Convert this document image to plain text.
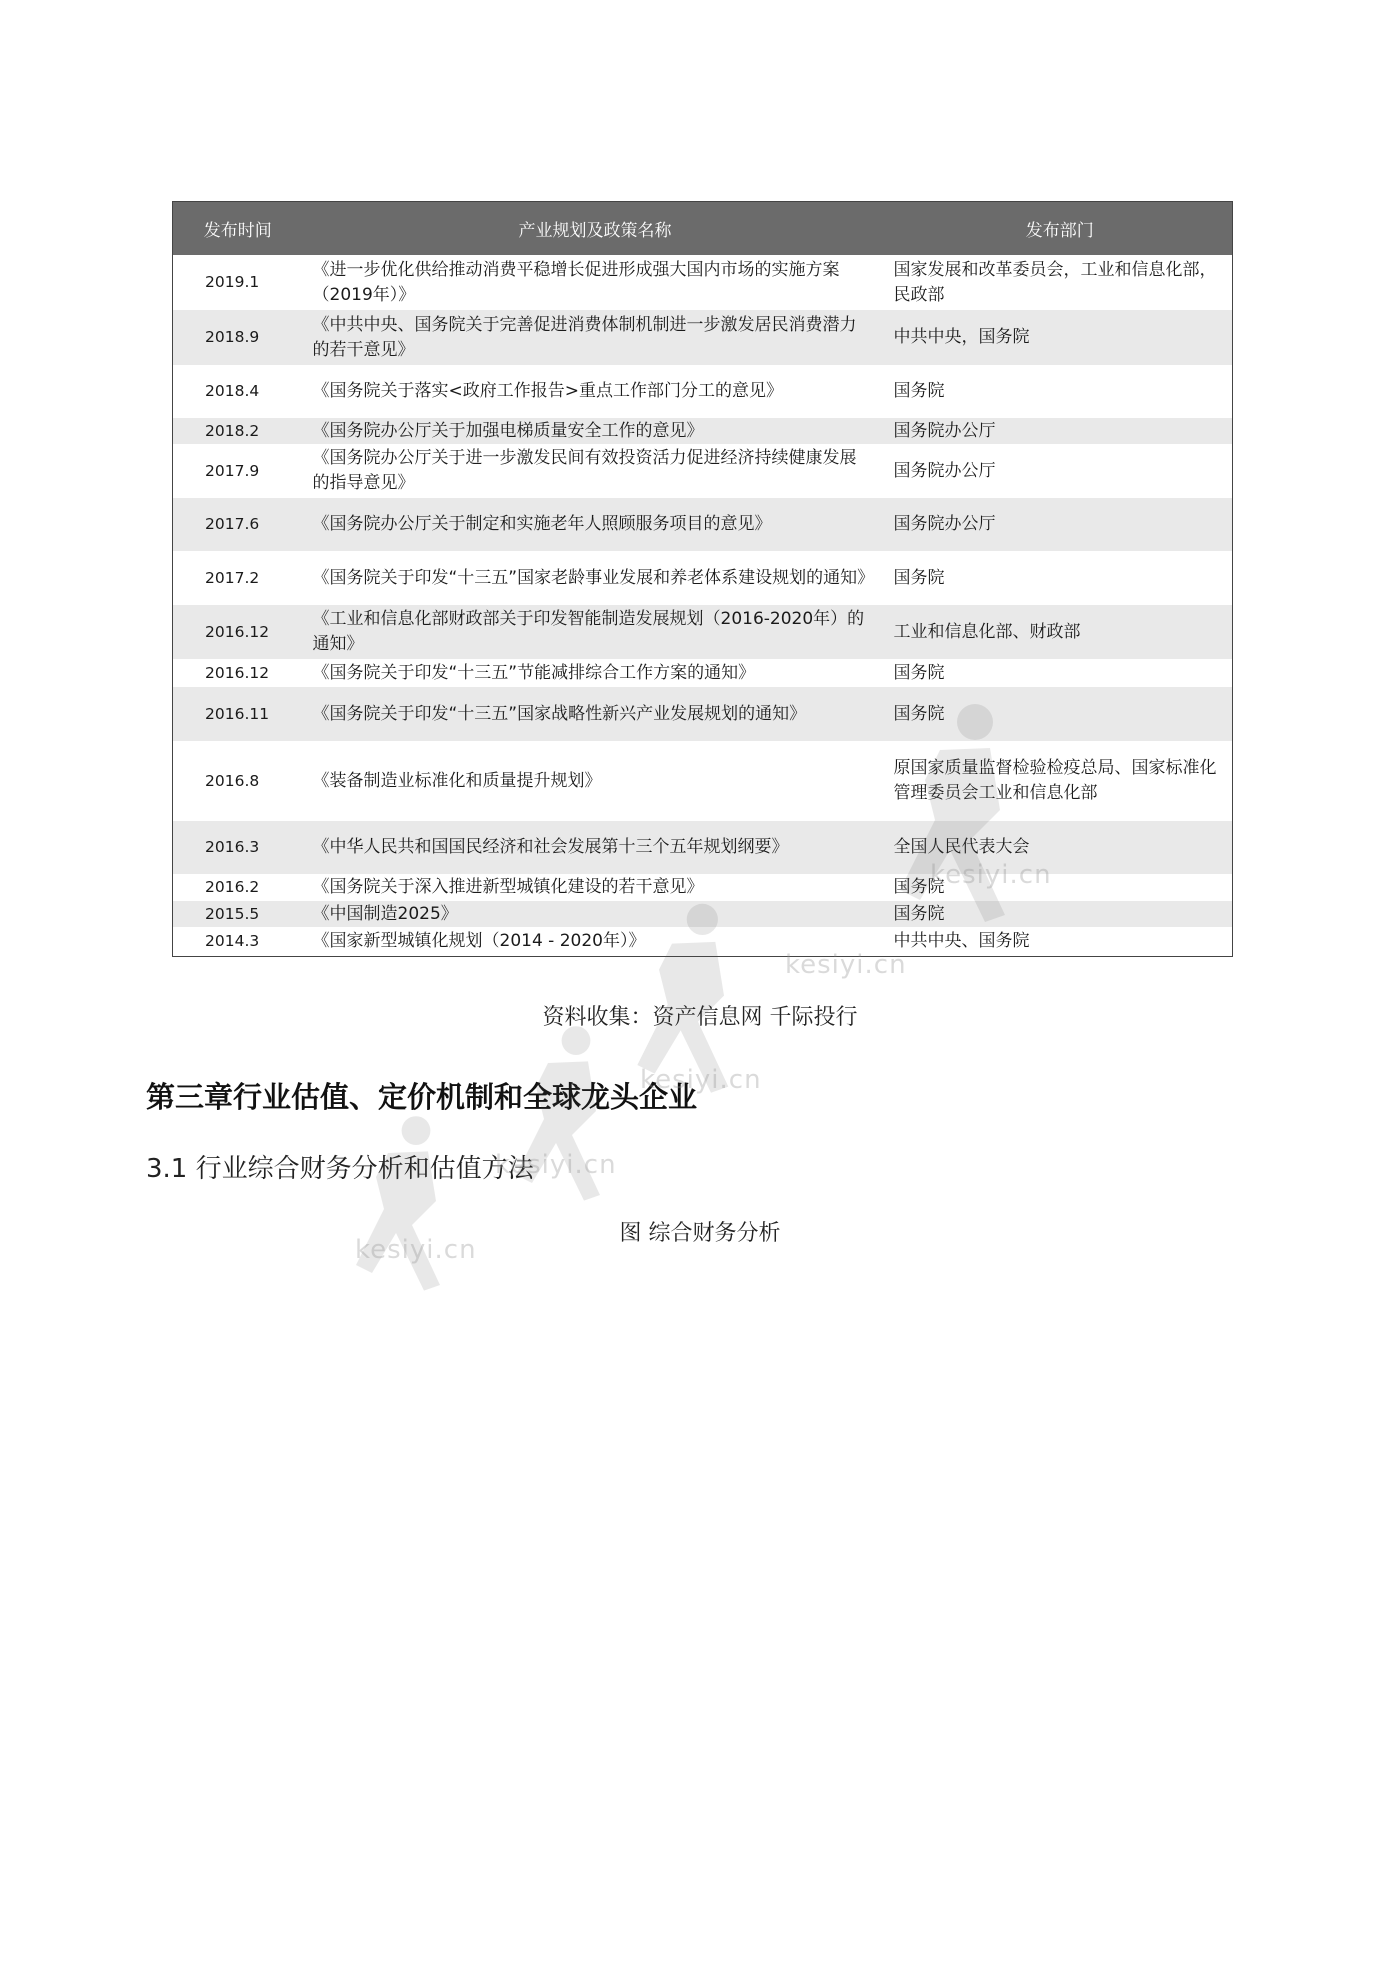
发布时间	产业规划及政策名称	发布部门
2019.1	《进一步优化供给推动消费平稳增长促进形成强大国内市场的实施方案（2019年）》	国家发展和改革委员会，工业和信息化部，民政部
2018.9	《中共中央、国务院关于完善促进消费体制机制进一步激发居民消费潜力的若干意见》	中共中央，国务院
2018.4	《国务院关于落实<政府工作报告>重点工作部门分工的意见》	国务院
2018.2	《国务院办公厅关于加强电梯质量安全工作的意见》	国务院办公厅
2017.9	《国务院办公厅关于进一步激发民间有效投资活力促进经济持续健康发展的指导意见》	国务院办公厅
2017.6	《国务院办公厅关于制定和实施老年人照顾服务项目的意见》	国务院办公厅
2017.2	《国务院关于印发“十三五”国家老龄事业发展和养老体系建设规划的通知》	国务院
2016.12	《工业和信息化部财政部关于印发智能制造发展规划（2016-2020年）的通知》	工业和信息化部、财政部
2016.12	《国务院关于印发“十三五”节能减排综合工作方案的通知》	国务院
2016.11	《国务院关于印发“十三五”国家战略性新兴产业发展规划的通知》	国务院
2016.8	《装备制造业标准化和质量提升规划》	原国家质量监督检验检疫总局、国家标准化管理委员会工业和信息化部
2016.3	《中华人民共和国国民经济和社会发展第十三个五年规划纲要》	全国人民代表大会
2016.2	《国务院关于深入推进新型城镇化建设的若干意见》	国务院
2015.5	《中国制造2025》	国务院
2014.3	《国家新型城镇化规划（2014 - 2020年）》	中共中央、国务院
资料收集：资产信息网 千际投行
第三章行业估值、定价机制和全球龙头企业
3.1 行业综合财务分析和估值方法
图 综合财务分析
kesiyi.cn
kesiyi.cn
kesiyi.cn
kesiyi.cn
kesiyi.cn
